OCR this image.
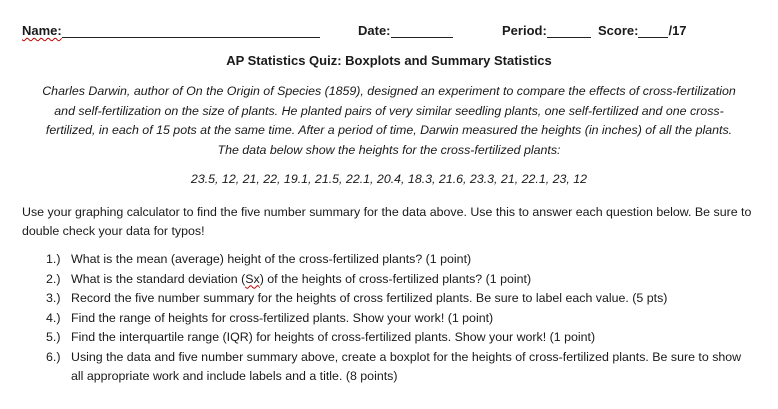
Name:	Date:	Period:	Score: /17
AP Statistics Quiz: Boxplots and Summary Statistics
Charles Darwin, author of On the Origin of Species (1859), designed an experiment to compare the effects of cross-fertilization and self-fertilization on the size of plants. He planted pairs of very similar seedling plants, one self-fertilized and one cross-fertilized, in each of 15 pots at the same time. After a period of time, Darwin measured the heights (in inches) of all the plants. The data below show the heights for the cross-fertilized plants:
23.5, 12, 21, 22, 19.1, 21.5, 22.1, 20.4, 18.3, 21.6, 23.3, 21, 22.1, 23, 12
Use your graphing calculator to find the five number summary for the data above. Use this to answer each question below. Be sure to double check your data for typos!
1.) What is the mean (average) height of the cross-fertilized plants? (1 point)
2.) What is the standard deviation (Sx) of the heights of cross-fertilized plants? (1 point)
3.) Record the five number summary for the heights of cross fertilized plants. Be sure to label each value. (5 pts)
4.) Find the range of heights for cross-fertilized plants. Show your work! (1 point)
5.) Find the interquartile range (IQR) for heights of cross-fertilized plants. Show your work! (1 point)
6.) Using the data and five number summary above, create a boxplot for the heights of cross-fertilized plants. Be sure to show all appropriate work and include labels and a title. (8 points)
